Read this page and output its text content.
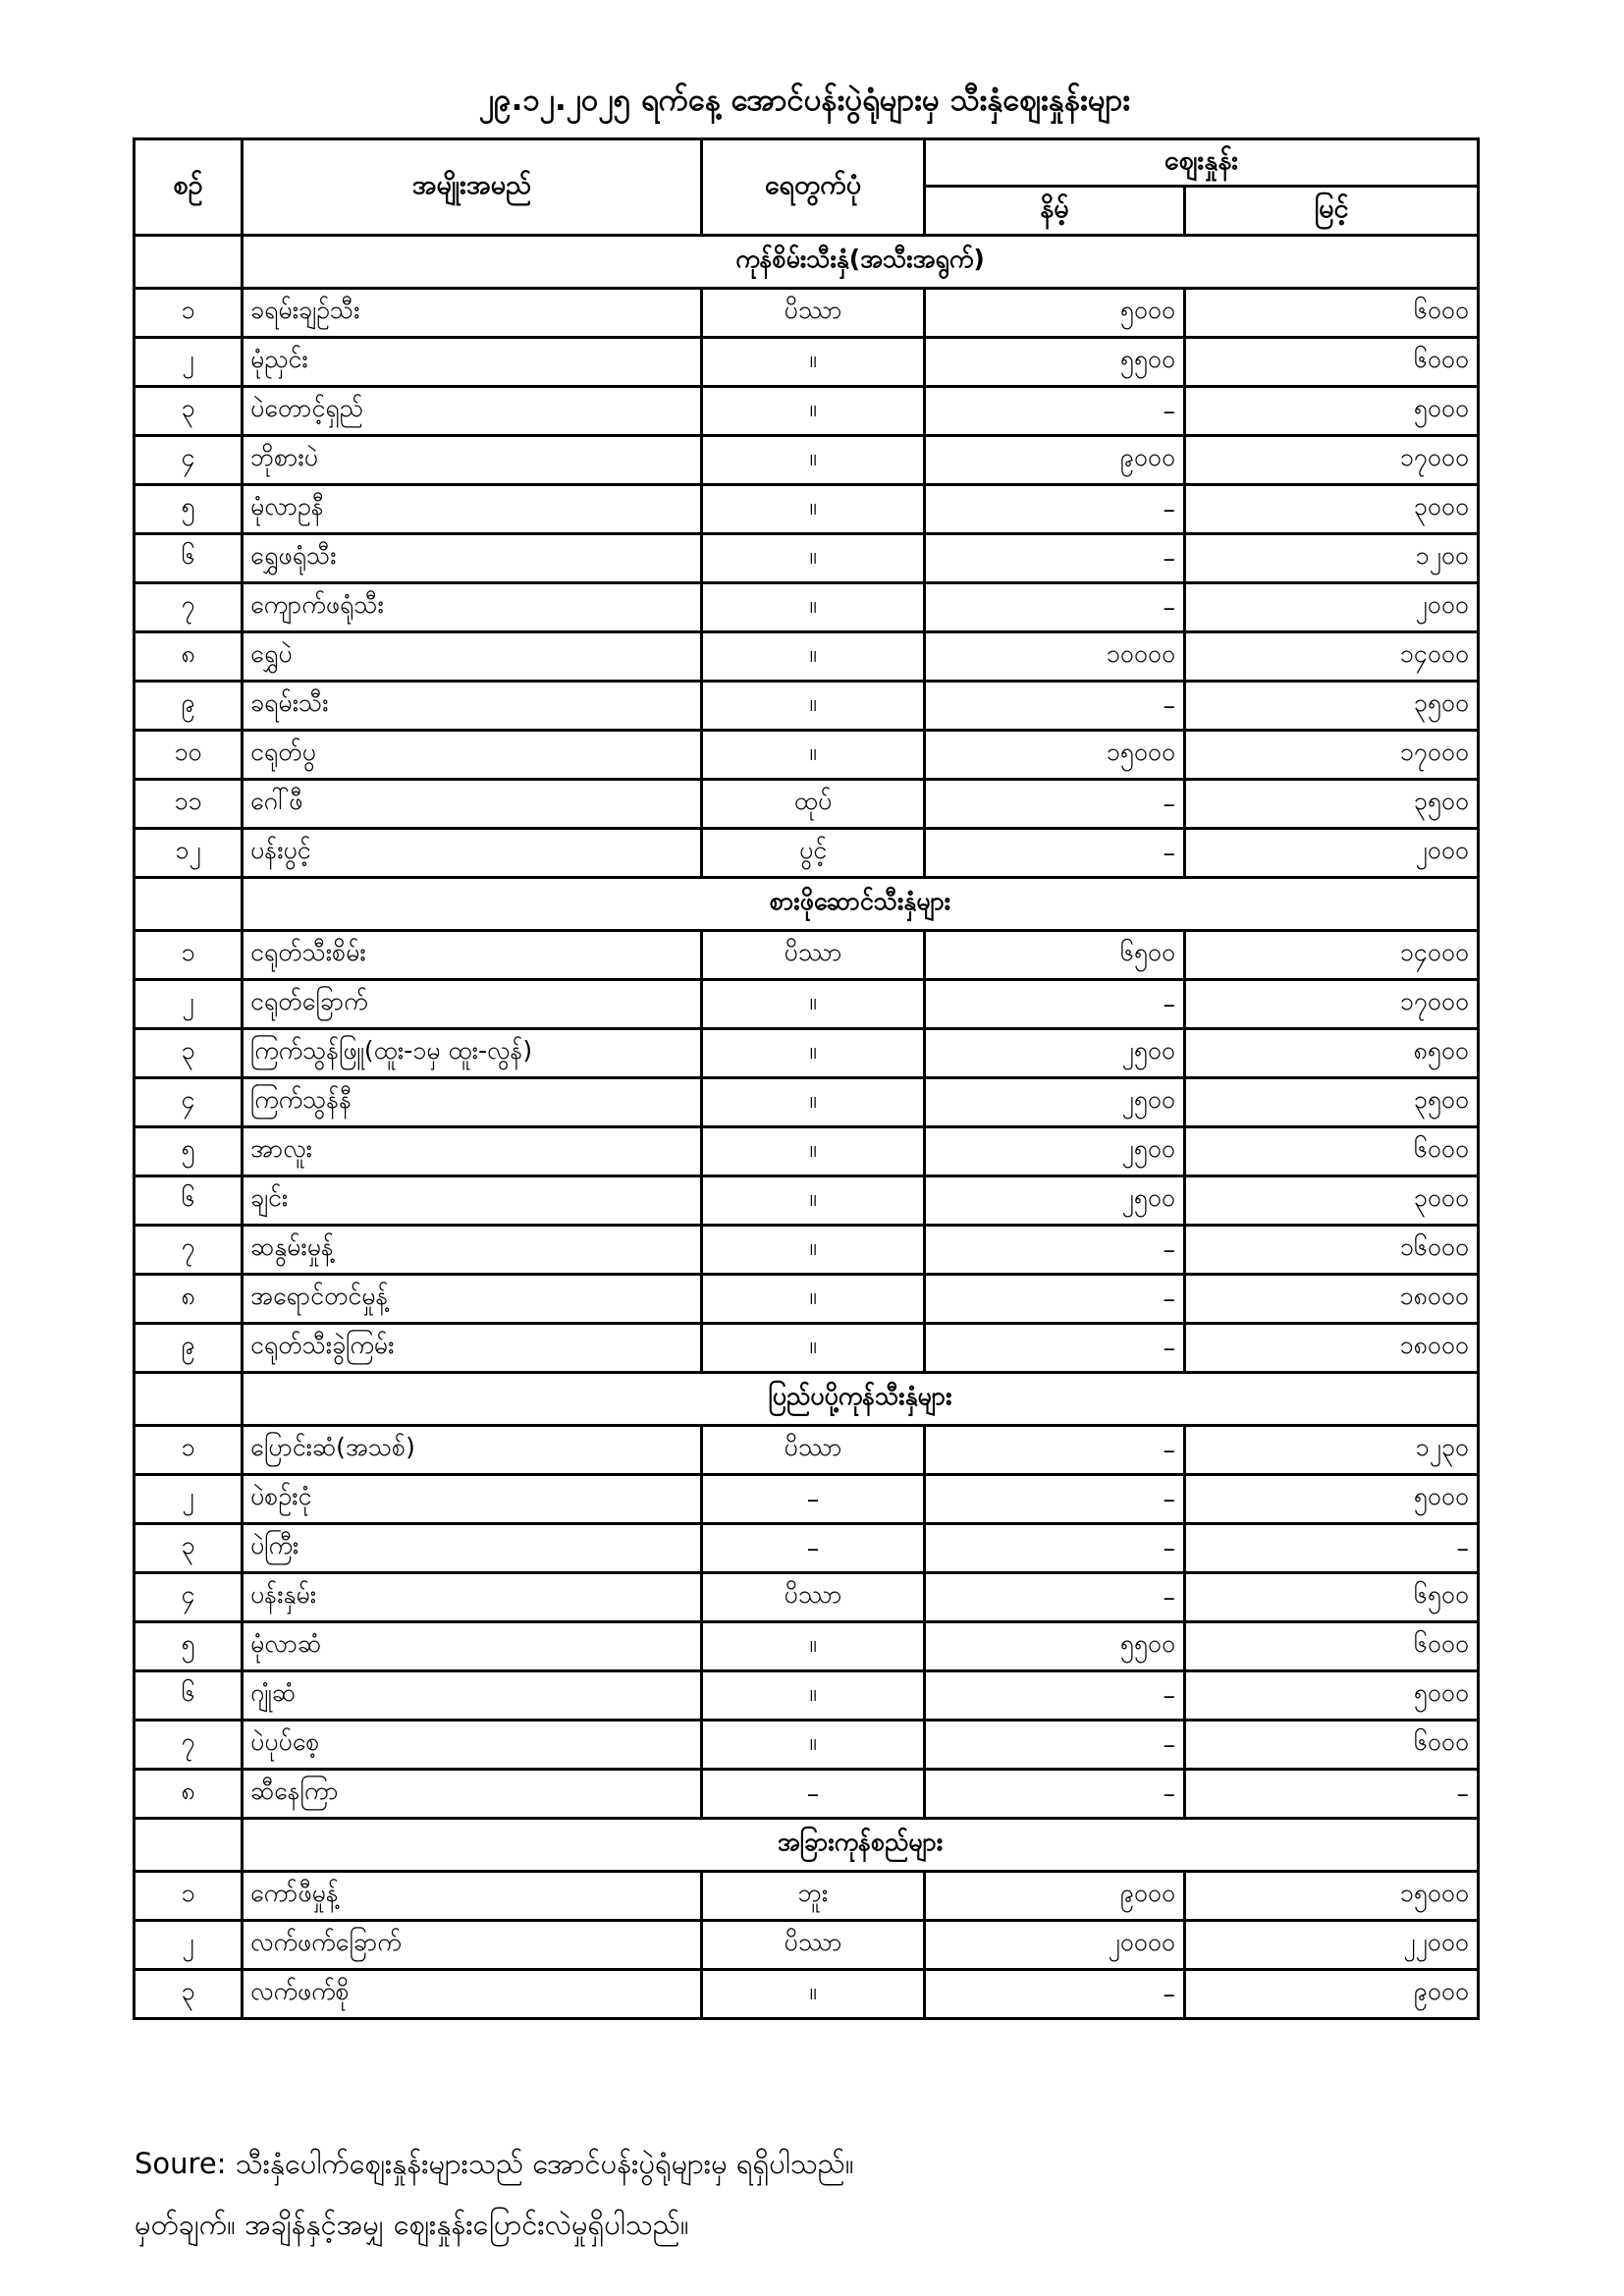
၂၉.၁၂.၂၀၂၅ ရက်နေ့ အောင်ပန်းပွဲရုံများမှ သီးနှံဈေးနှုန်းများ
စဉ်	အမျိုးအမည်	ရေတွက်ပုံ	ဈေးနှုန်း	
			နိမ့်	မြင့်
	ကုန်စိမ်းသီးနှံ(အသီးအရွက်)			
၁	ခရမ်းချဉ်သီး	ပိဿာ	၅၀၀၀	၆၀၀၀
၂	မုံညှင်း	။	၅၅၀၀	၆၀၀၀
၃	ပဲတောင့်ရှည်	။	–	၅၀၀၀
၄	ဘိုစားပဲ	။	၉၀၀၀	၁၇၀၀၀
၅	မုံလာဥနီ	။	–	၃၀၀၀
၆	ရွှေဖရုံသီး	။	–	၁၂၀၀
၇	ကျောက်ဖရုံသီး	။	–	၂၀၀၀
၈	ရွှေပဲ	။	၁၀၀၀၀	၁၄၀၀၀
၉	ခရမ်းသီး	။	–	၃၅၀၀
၁၀	ငရုတ်ပွ	။	၁၅၀၀၀	၁၇၀၀၀
၁၁	ဂေါ်ဖီ	ထုပ်	–	၃၅၀၀
၁၂	ပန်းပွင့်	ပွင့်	–	၂၀၀၀
	စားဖိုဆောင်သီးနှံများ			
၁	ငရုတ်သီးစိမ်း	ပိဿာ	၆၅၀၀	၁၄၀၀၀
၂	ငရုတ်ခြောက်	။	–	၁၇၀၀၀
၃	ကြက်သွန်ဖြူ(ထူး-၁မှ ထူး-လွန်)	။	၂၅၀၀	၈၅၀၀
၄	ကြက်သွန်နီ	။	၂၅၀၀	၃၅၀၀
၅	အာလူး	။	၂၅၀၀	၆၀၀၀
၆	ချင်း	။	၂၅၀၀	၃၀၀၀
၇	ဆနွမ်းမှုန့်	။	–	၁၆၀၀၀
၈	အရောင်တင်မှုန့်	။	–	၁၈၀၀၀
၉	ငရုတ်သီးခွဲကြမ်း	။	–	၁၈၀၀၀
	ပြည်ပပို့ကုန်သီးနှံများ			
၁	ပြောင်းဆံ(အသစ်)	ပိဿာ	–	၁၂၃၀
၂	ပဲစဉ်းငုံ	–	–	၅၀၀၀
၃	ပဲကြီး	–	–	–
၄	ပန်းနှမ်း	ပိဿာ	–	၆၅၀၀
၅	မုံလာဆံ	။	၅၅၀၀	၆၀၀၀
၆	ဂျုံဆံ	။	–	၅၀၀၀
၇	ပဲပုပ်စေ့	။	–	၆၀၀၀
၈	ဆီနေကြာ	–	–	–
	အခြားကုန်စည်များ			
၁	ကော်ဖီမှုန့်	ဘူး	၉၀၀၀	၁၅၀၀၀
၂	လက်ဖက်ခြောက်	ပိဿာ	၂၀၀၀၀	၂၂၀၀၀
၃	လက်ဖက်စို	။	–	၉၀၀၀
Soure: သီးနှံပေါက်ဈေးနှုန်းများသည် အောင်ပန်းပွဲရုံများမှ ရရှိပါသည်။
မှတ်ချက်။ အချိန်နှင့်အမျှ ဈေးနှုန်းပြောင်းလဲမှုရှိပါသည်။
